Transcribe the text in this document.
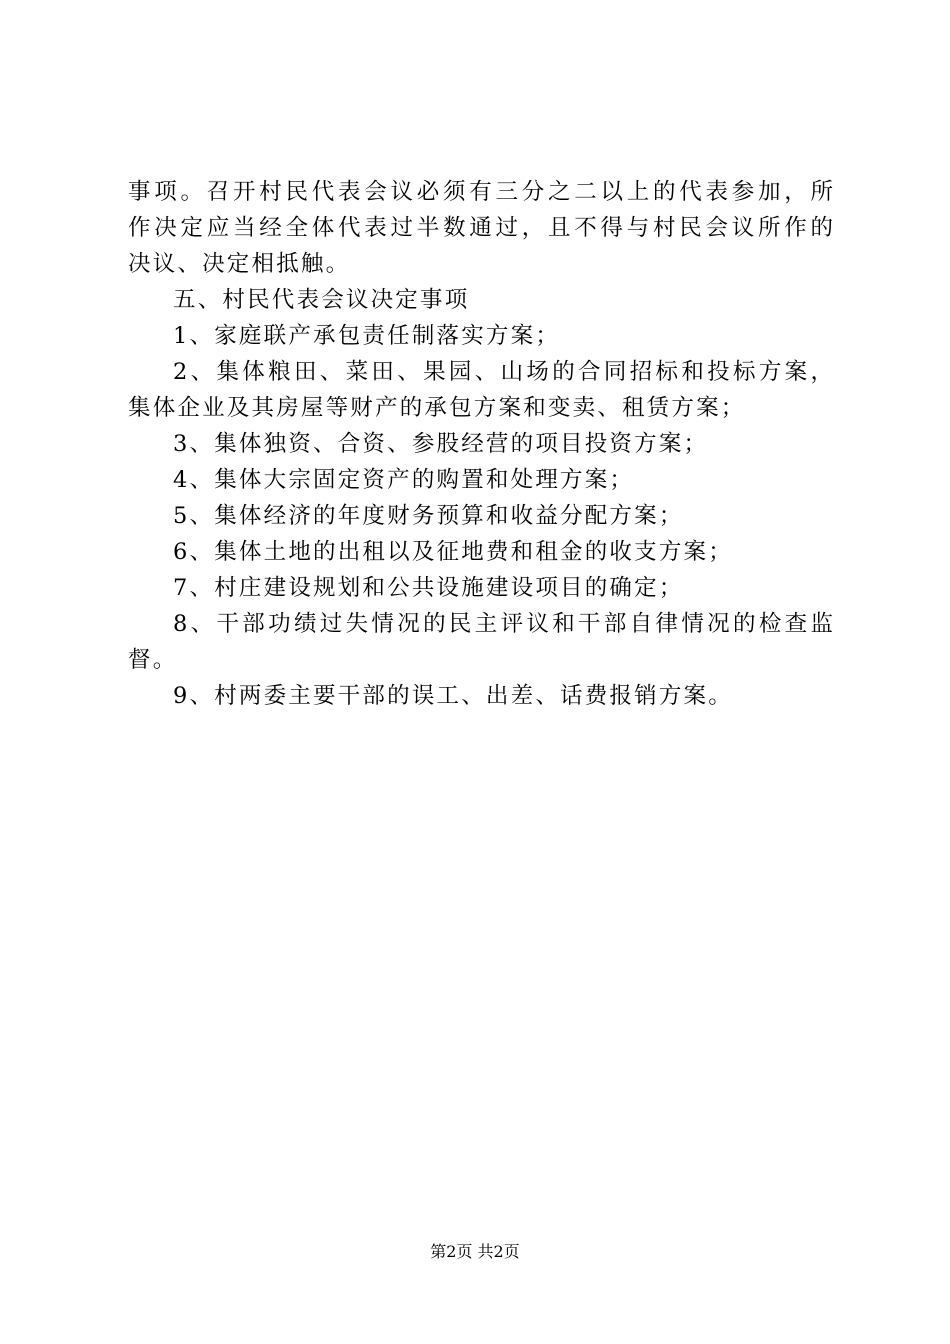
事项。召开村民代表会议必须有三分之二以上的代表参加，所
作决定应当经全体代表过半数通过，且不得与村民会议所作的
决议、决定相抵触。
五、村民代表会议决定事项
1、家庭联产承包责任制落实方案；
2、集体粮田、菜田、果园、山场的合同招标和投标方案，
集体企业及其房屋等财产的承包方案和变卖、租赁方案；
3、集体独资、合资、参股经营的项目投资方案；
4、集体大宗固定资产的购置和处理方案；
5、集体经济的年度财务预算和收益分配方案；
6、集体土地的出租以及征地费和租金的收支方案；
7、村庄建设规划和公共设施建设项目的确定；
8、干部功绩过失情况的民主评议和干部自律情况的检查监
督。
9、村两委主要干部的误工、出差、话费报销方案。
第2页 共2页
